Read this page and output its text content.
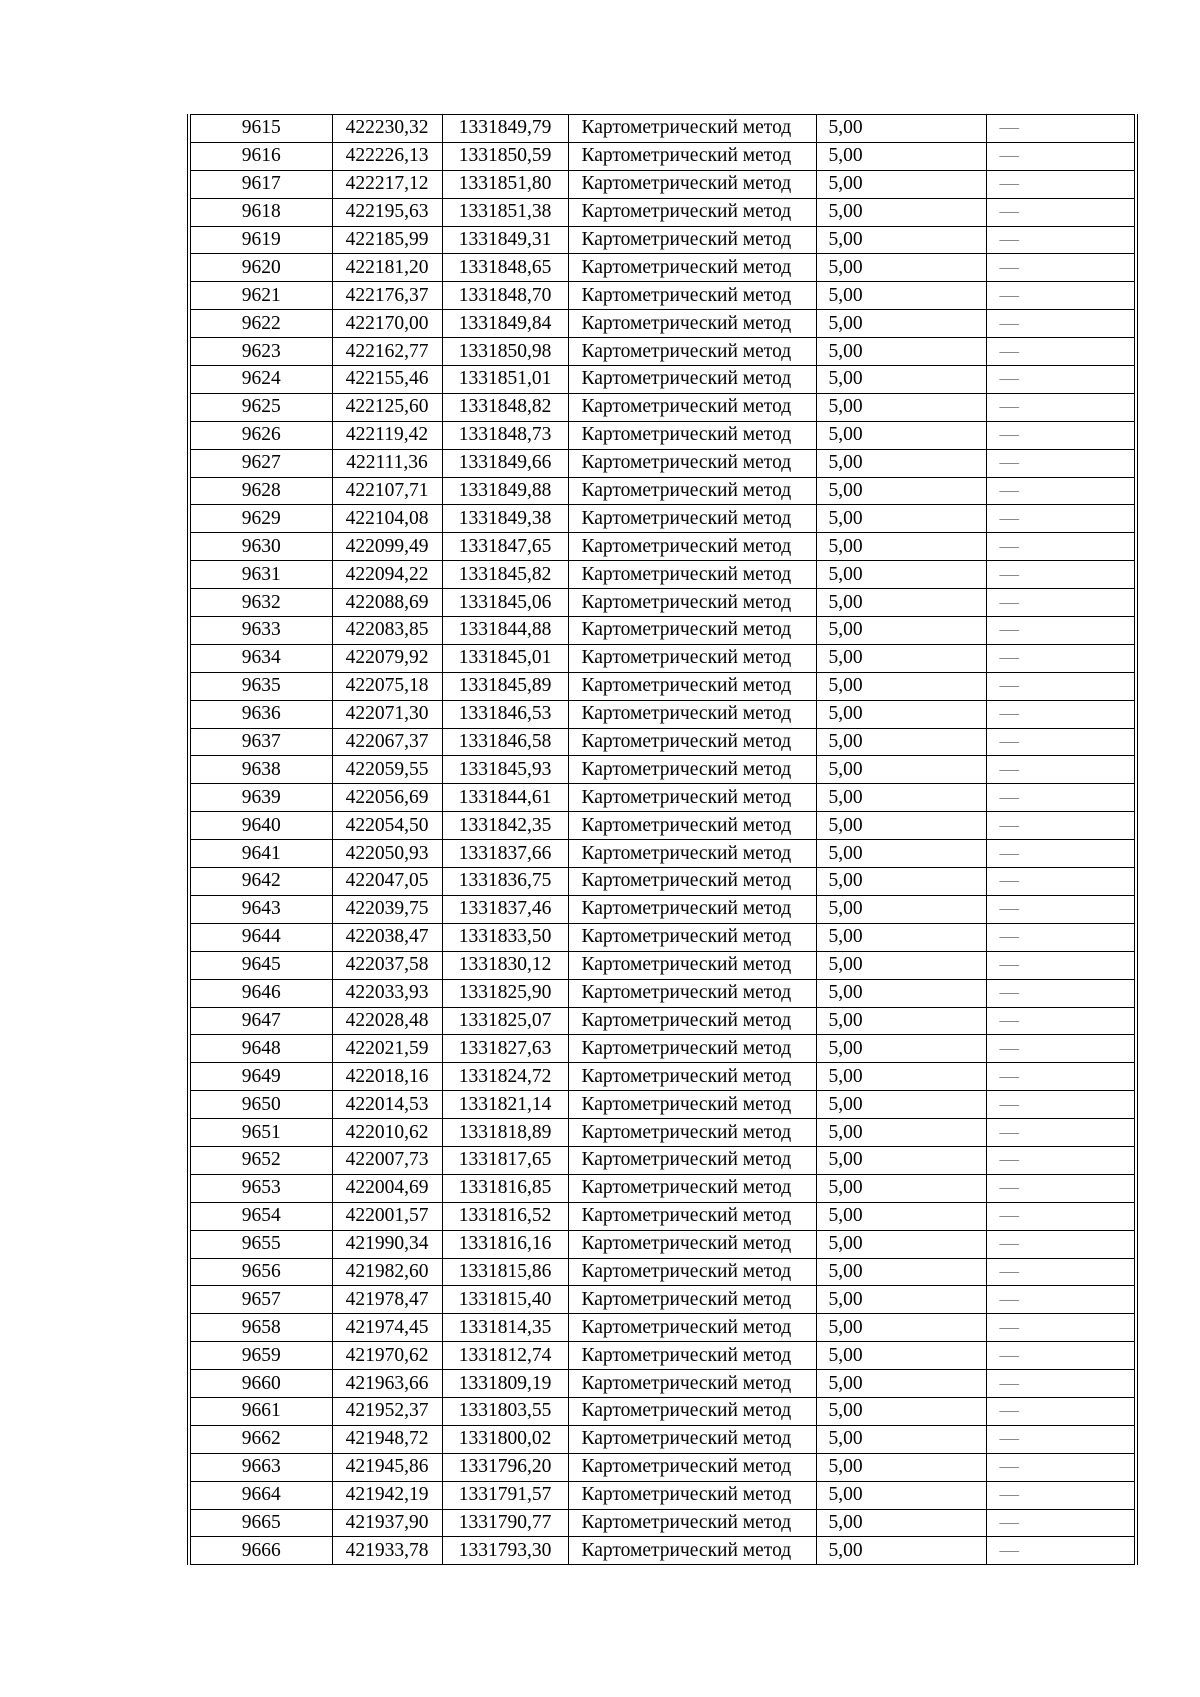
9615	422230,32	1331849,79	Картометрический метод	5,00	—
9616	422226,13	1331850,59	Картометрический метод	5,00	—
9617	422217,12	1331851,80	Картометрический метод	5,00	—
9618	422195,63	1331851,38	Картометрический метод	5,00	—
9619	422185,99	1331849,31	Картометрический метод	5,00	—
9620	422181,20	1331848,65	Картометрический метод	5,00	—
9621	422176,37	1331848,70	Картометрический метод	5,00	—
9622	422170,00	1331849,84	Картометрический метод	5,00	—
9623	422162,77	1331850,98	Картометрический метод	5,00	—
9624	422155,46	1331851,01	Картометрический метод	5,00	—
9625	422125,60	1331848,82	Картометрический метод	5,00	—
9626	422119,42	1331848,73	Картометрический метод	5,00	—
9627	422111,36	1331849,66	Картометрический метод	5,00	—
9628	422107,71	1331849,88	Картометрический метод	5,00	—
9629	422104,08	1331849,38	Картометрический метод	5,00	—
9630	422099,49	1331847,65	Картометрический метод	5,00	—
9631	422094,22	1331845,82	Картометрический метод	5,00	—
9632	422088,69	1331845,06	Картометрический метод	5,00	—
9633	422083,85	1331844,88	Картометрический метод	5,00	—
9634	422079,92	1331845,01	Картометрический метод	5,00	—
9635	422075,18	1331845,89	Картометрический метод	5,00	—
9636	422071,30	1331846,53	Картометрический метод	5,00	—
9637	422067,37	1331846,58	Картометрический метод	5,00	—
9638	422059,55	1331845,93	Картометрический метод	5,00	—
9639	422056,69	1331844,61	Картометрический метод	5,00	—
9640	422054,50	1331842,35	Картометрический метод	5,00	—
9641	422050,93	1331837,66	Картометрический метод	5,00	—
9642	422047,05	1331836,75	Картометрический метод	5,00	—
9643	422039,75	1331837,46	Картометрический метод	5,00	—
9644	422038,47	1331833,50	Картометрический метод	5,00	—
9645	422037,58	1331830,12	Картометрический метод	5,00	—
9646	422033,93	1331825,90	Картометрический метод	5,00	—
9647	422028,48	1331825,07	Картометрический метод	5,00	—
9648	422021,59	1331827,63	Картометрический метод	5,00	—
9649	422018,16	1331824,72	Картометрический метод	5,00	—
9650	422014,53	1331821,14	Картометрический метод	5,00	—
9651	422010,62	1331818,89	Картометрический метод	5,00	—
9652	422007,73	1331817,65	Картометрический метод	5,00	—
9653	422004,69	1331816,85	Картометрический метод	5,00	—
9654	422001,57	1331816,52	Картометрический метод	5,00	—
9655	421990,34	1331816,16	Картометрический метод	5,00	—
9656	421982,60	1331815,86	Картометрический метод	5,00	—
9657	421978,47	1331815,40	Картометрический метод	5,00	—
9658	421974,45	1331814,35	Картометрический метод	5,00	—
9659	421970,62	1331812,74	Картометрический метод	5,00	—
9660	421963,66	1331809,19	Картометрический метод	5,00	—
9661	421952,37	1331803,55	Картометрический метод	5,00	—
9662	421948,72	1331800,02	Картометрический метод	5,00	—
9663	421945,86	1331796,20	Картометрический метод	5,00	—
9664	421942,19	1331791,57	Картометрический метод	5,00	—
9665	421937,90	1331790,77	Картометрический метод	5,00	—
9666	421933,78	1331793,30	Картометрический метод	5,00	—
